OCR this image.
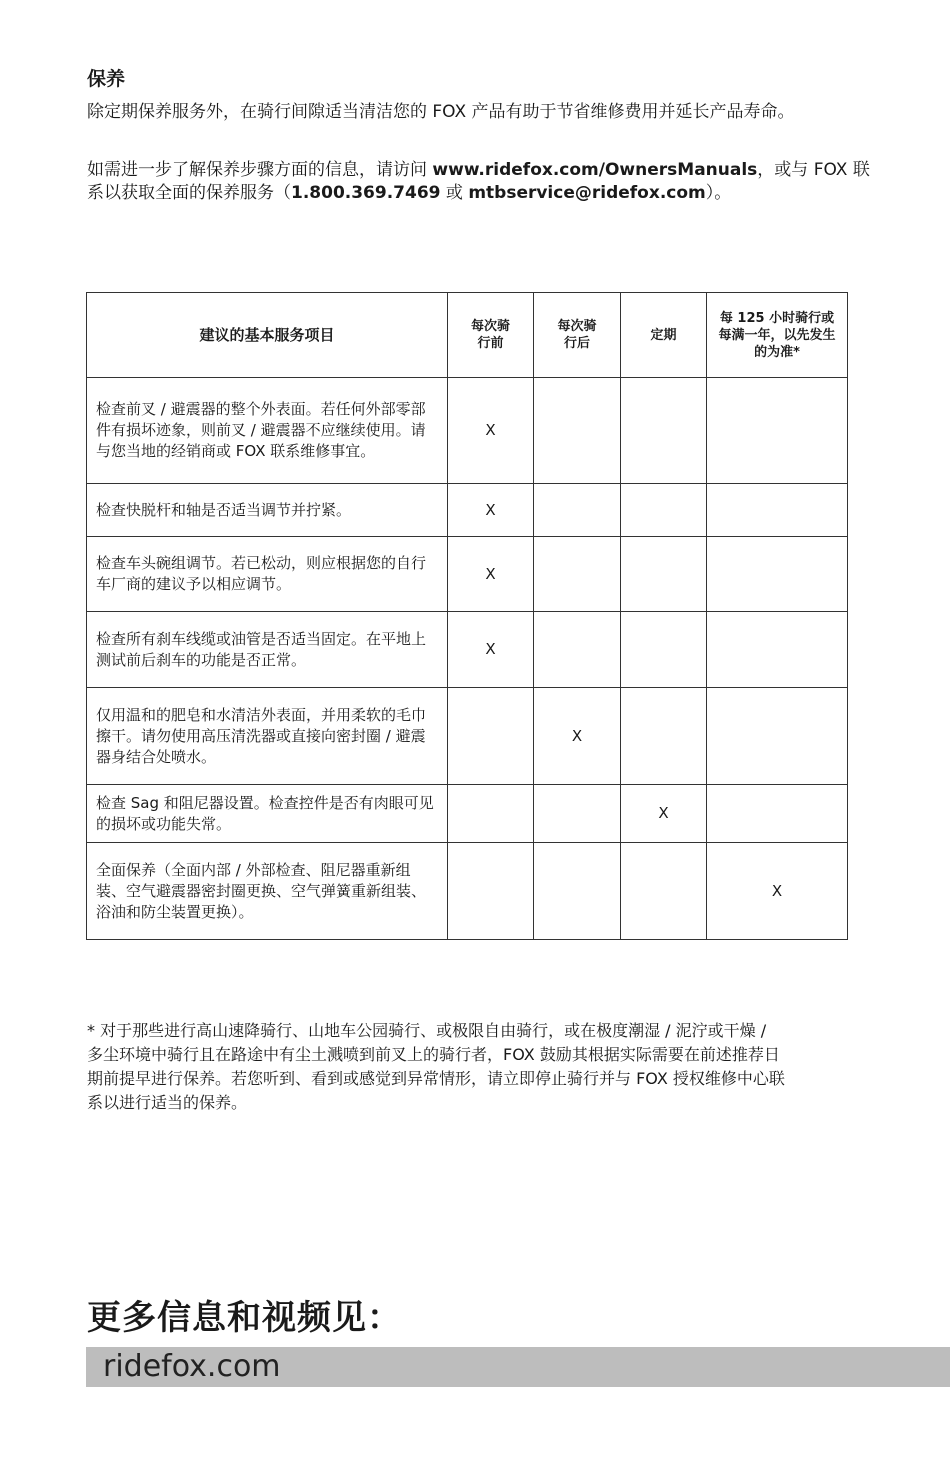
保养

除定期保养服务外，在骑行间隙适当清洁您的 FOX 产品有助于节省维修费用并延长产品寿命。

如需进一步了解保养步骤方面的信息，请访问 www.ridefox.com/OwnersManuals，或与 FOX 联系以获取全面的保养服务（1.800.369.7469 或 mtbservice@ridefox.com）。

建议的基本服务项目	每次骑行前	每次骑行后	定期	每 125 小时骑行或每满一年，以先发生的为准*
检查前叉 / 避震器的整个外表面。若任何外部零部件有损坏迹象，则前叉 / 避震器不应继续使用。请与您当地的经销商或 FOX 联系维修事宜。	X			
检查快脱杆和轴是否适当调节并拧紧。	X			
检查车头碗组调节。若已松动，则应根据您的自行车厂商的建议予以相应调节。	X			
检查所有刹车线缆或油管是否适当固定。在平地上测试前后刹车的功能是否正常。	X			
仅用温和的肥皂和水清洁外表面，并用柔软的毛巾擦干。请勿使用高压清洗器或直接向密封圈 / 避震器身结合处喷水。		X		
检查 Sag 和阻尼器设置。检查控件是否有肉眼可见的损坏或功能失常。			X	
全面保养（全面内部 / 外部检查、阻尼器重新组装、空气避震器密封圈更换、空气弹簧重新组装、浴油和防尘装置更换）。				X

* 对于那些进行高山速降骑行、山地车公园骑行、或极限自由骑行，或在极度潮湿 / 泥泞或干燥 / 多尘环境中骑行且在路途中有尘土溅喷到前叉上的骑行者，FOX 鼓励其根据实际需要在前述推荐日期前提早进行保养。若您听到、看到或感觉到异常情形，请立即停止骑行并与 FOX 授权维修中心联系以进行适当的保养。

更多信息和视频见：
ridefox.com
